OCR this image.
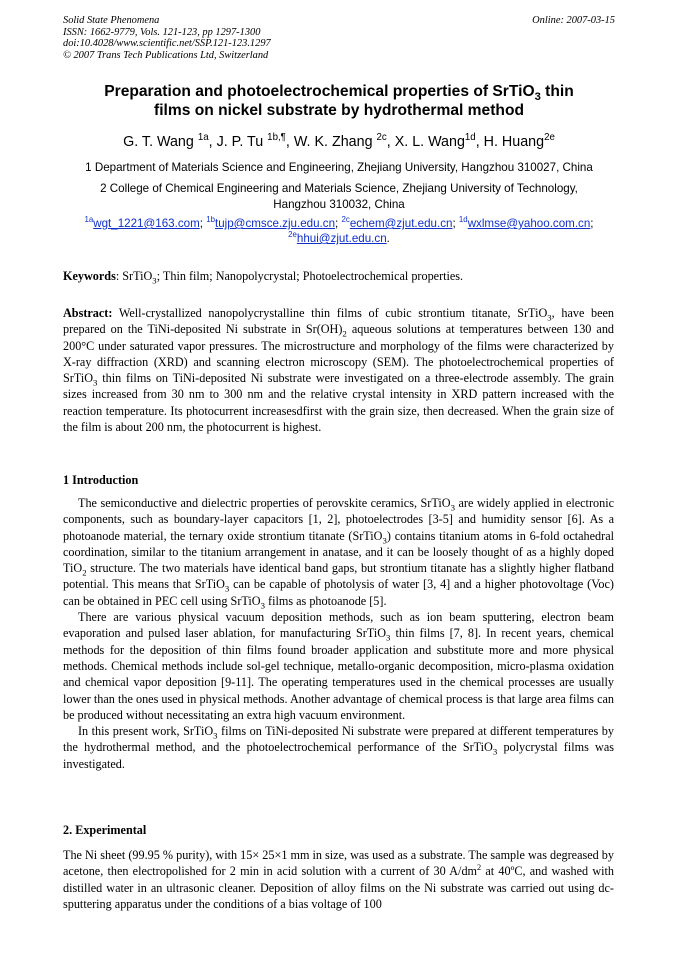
Solid State Phenomena
ISSN: 1662-9779, Vols. 121-123, pp 1297-1300
doi:10.4028/www.scientific.net/SSP.121-123.1297
© 2007 Trans Tech Publications Ltd, Switzerland
Online: 2007-03-15
Preparation and photoelectrochemical properties of SrTiO$_3$ thin
films on nickel substrate by hydrothermal method
G. T. Wang $^{1a}$, J. P. Tu $^{1b,\P}$, W. K. Zhang $^{2c}$, X. L. Wang$^{1d}$, H. Huang$^{2e}$
1 Department of Materials Science and Engineering, Zhejiang University, Hangzhou 310027, China
2 College of Chemical Engineering and Materials Science, Zhejiang University of Technology,
Hangzhou 310032, China
$^{1a}$wgt_1221@163.com; $^{1b}$tujp@cmsce.zju.edu.cn; $^{2c}$echem@zjut.edu.cn; $^{1d}$wxlmse@yahoo.com.cn;
$^{2e}$hhui@zjut.edu.cn.
Keywords: SrTiO$_3$; Thin film; Nanopolycrystal; Photoelectrochemical properties.
Abstract: Well-crystallized nanopolycrystalline thin films of cubic strontium titanate, SrTiO$_3$, have been prepared on the TiNi-deposited Ni substrate in $Sr(OH)_2$ aqueous solutions at temperatures between 130 and 200°C under saturated vapor pressures. The microstructure and morphology of the films were characterized by X-ray diffraction (XRD) and scanning electron microscopy (SEM). The photoelectrochemical properties of SrTiO$_3$ thin films on TiNi-deposited Ni substrate were investigated on a three-electrode assembly. The grain sizes increased from 30 nm to 300 nm and the relative crystal intensity in XRD pattern increased with the reaction temperature. Its photocurrent increasesdfirst with the grain size, then decreased. When the grain size of the film is about 200 nm, the photocurrent is highest.
1 Introduction

The semiconductive and dielectric properties of perovskite ceramics, SrTiO$_3$ are widely applied in electronic components, such as boundary-layer capacitors [1, 2], photoelectrodes [3-5] and humidity sensor [6]. As a photoanode material, the ternary oxide strontium titanate (SrTiO$_3$) contains titanium atoms in 6-fold octahedral coordination, similar to the titanium arrangement in anatase, and it can be loosely thought of as a highly doped TiO$_2$ structure. The two materials have identical band gaps, but strontium titanate has a slightly higher flatband potential. This means that SrTiO$_3$ can be capable of photolysis of water [3, 4] and a higher photovoltage (Voc) can be obtained in PEC cell using SrTiO$_3$ films as photoanode [5].

There are various physical vacuum deposition methods, such as ion beam sputtering, electron beam evaporation and pulsed laser ablation, for manufacturing SrTiO$_3$ thin films [7, 8]. In recent years, chemical methods for the deposition of thin films found broader application and substitute more and more physical methods. Chemical methods include sol-gel technique, metallo-organic decomposition, micro-plasma oxidation and chemical vapor deposition [9-11]. The operating temperatures used in the chemical processes are usually lower than the ones used in physical methods. Another advantage of chemical process is that large area films can be produced without necessitating an extra high vacuum environment.

In this present work, SrTiO$_3$ films on TiNi-deposited Ni substrate were prepared at different temperatures by the hydrothermal method, and the photoelectrochemical performance of the SrTiO$_3$ polycrystal films was investigated.

2. Experimental

The Ni sheet (99.95 % purity), with 15× 25×1 mm in size, was used as a substrate. The sample was degreased by acetone, then electropolished for 2 min in acid solution with a current of 30 $A/dm^2$ at 40ºC, and washed with distilled water in an ultrasonic cleaner. Deposition of alloy films on the Ni substrate was carried out using dc-sputtering apparatus under the conditions of a bias voltage of 100
